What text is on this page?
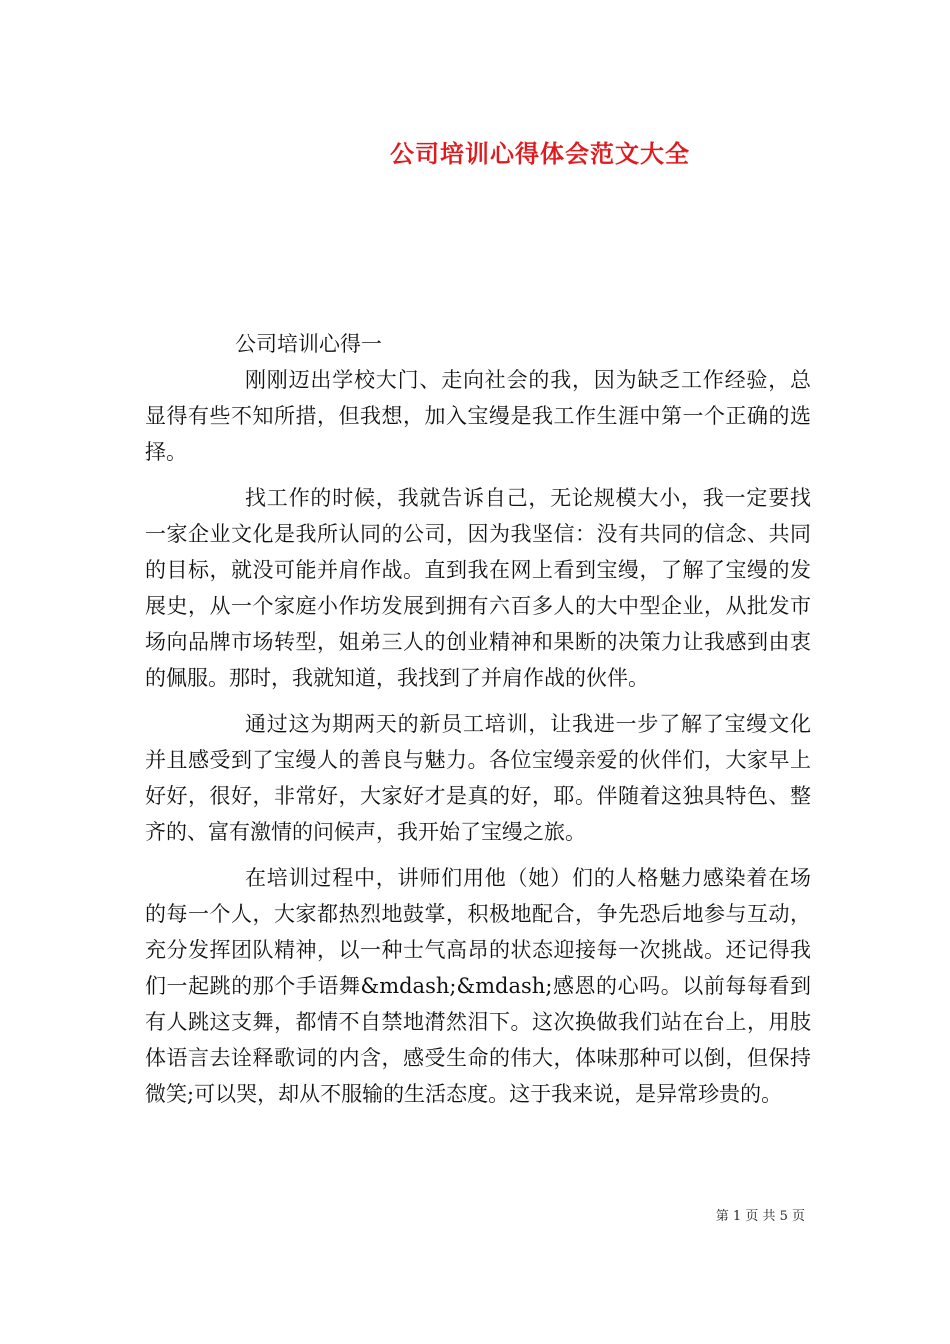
公司培训心得体会范文大全

公司培训心得一

刚刚迈出学校大门、走向社会的我，因为缺乏工作经验，总显得有些不知所措，但我想，加入宝缦是我工作生涯中第一个正确的选择。

找工作的时候，我就告诉自己，无论规模大小，我一定要找一家企业文化是我所认同的公司，因为我坚信：没有共同的信念、共同的目标，就没可能并肩作战。直到我在网上看到宝缦，了解了宝缦的发展史，从一个家庭小作坊发展到拥有六百多人的大中型企业，从批发市场向品牌市场转型，姐弟三人的创业精神和果断的决策力让我感到由衷的佩服。那时，我就知道，我找到了并肩作战的伙伴。

通过这为期两天的新员工培训，让我进一步了解了宝缦文化并且感受到了宝缦人的善良与魅力。各位宝缦亲爱的伙伴们，大家早上好好，很好，非常好，大家好才是真的好，耶。伴随着这独具特色、整齐的、富有激情的问候声，我开始了宝缦之旅。

在培训过程中，讲师们用他（她）们的人格魅力感染着在场的每一个人，大家都热烈地鼓掌，积极地配合，争先恐后地参与互动，充分发挥团队精神，以一种士气高昂的状态迎接每一次挑战。还记得我们一起跳的那个手语舞&mdash;&mdash;感恩的心吗。以前每每看到有人跳这支舞，都情不自禁地潸然泪下。这次换做我们站在台上，用肢体语言去诠释歌词的内含，感受生命的伟大，体味那种可以倒，但保持微笑;可以哭，却从不服输的生活态度。这于我来说，是异常珍贵的。

第 1 页 共 5 页
